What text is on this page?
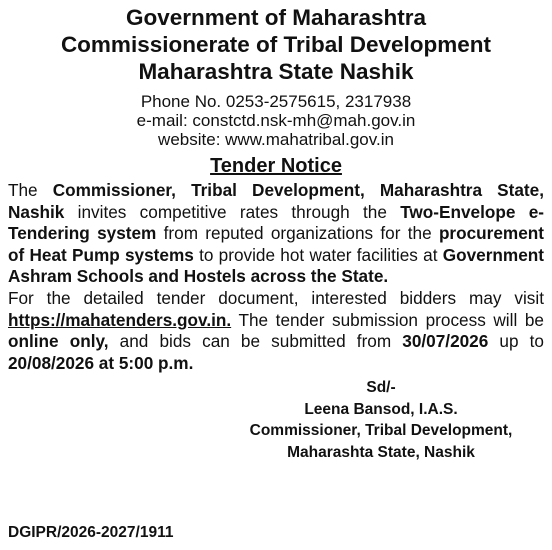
Government of Maharashtra
Commissionerate of Tribal Development
Maharashtra State Nashik
Phone No. 0253-2575615, 2317938
e-mail: constctd.nsk-mh@mah.gov.in
website: www.mahatribal.gov.in
Tender Notice
The Commissioner, Tribal Development, Maharashtra State, Nashik invites competitive rates through the Two-Envelope e-Tendering system from reputed organizations for the procurement of Heat Pump systems to provide hot water facilities at Government Ashram Schools and Hostels across the State.
For the detailed tender document, interested bidders may visit https://mahatenders.gov.in. The tender submission process will be online only, and bids can be submitted from 30/07/2026 up to 20/08/2026 at 5:00 p.m.
Sd/-
Leena Bansod, I.A.S.
Commissioner, Tribal Development,
Maharashta State, Nashik
DGIPR/2026-2027/1911
